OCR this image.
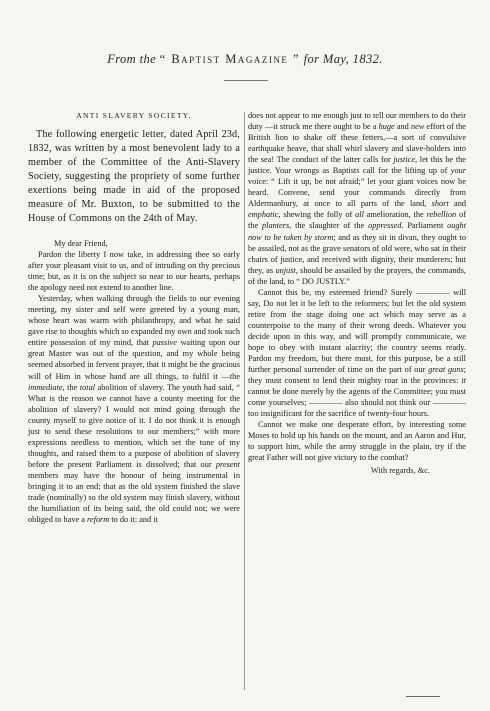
From the “ Baptist Magazine ” for May, 1832.
ANTI SLAVERY SOCIETY.

The following energetic letter, dated April 23d, 1832, was written by a most benevolent lady to a member of the Committee of the Anti-Slavery Society, suggesting the propriety of some further exertions being made in aid of the proposed measure of Mr. Buxton, to be submitted to the House of Commons on the 24th of May.

My dear Friend,

Pardon the liberty I now take, in addressing thee so early after your pleasant visit to us, and of intruding on thy precious time; but, as it is on the subject so near to our hearts, perhaps the apology need not extend to another line.

Yesterday, when walking through the fields to our evening meeting, my sister and self were greeted by a young man, whose heart was warm with philanthropy, and what he said gave rise to thoughts which so expanded my own and took such entire possession of my mind, that passive waiting upon our great Master was out of the question, and my whole being seemed absorbed in fervent prayer, that it might be the gracious will of Him in whose hand are all things, to fulfil it —the immediate, the total abolition of slavery. The youth had said, “ What is the reason we cannot have a county meeting for the abolition of slavery? I would not mind going through the county myself to give notice of it. I do not think it is enough just to send these resolutions to our members;” with more expressions needless to mention, which set the tune of my thoughts, and raised them to a purpose of abolition of slavery before the present Parliament is dissolved; that our present members may have the honour of being instrumental in bringing it to an end; that as the old system finished the slave trade (nominally) so the old system may finish slavery, without the humiliation of its being said, the old could not; we were obliged to have a reform to do it: and it

does not appear to me enough just to tell our members to do their duty —it struck me there ought to be a huge and new effort of the British lion to shake off these fetters,—a sort of convulsive earthquake heave, that shall whirl slavery and slave-holders into the sea! The conduct of the latter calls for justice, let this be the justice. Your wrongs as Baptists call for the lifting up of your voice: “ Lift it up, be not afraid;” let your giant voices now be heard. Convene, send your commands directly from Aldermanbury, at once to all parts of the land, short and emphatic, shewing the folly of all amelioration, the rebellion of the planters, the slaughter of the oppressed. Parliament ought now to be taken by storm; and as they sit in divan, they ought to be assailed, not as the grave senators of old were, who sat in their chairs of justice, and received with dignity, their murderers; but they, as unjust, should be assailed by the prayers, the commands, of the land, to “ DO JUSTLY.”

Cannot this be, my esteemed friend? Surely ———— will say, Do not let it be left to the reformers; but let the old system retire from the stage doing one act which may serve as a counterpoise to the many of their wrong deeds. Whatever you decide upon in this way, and will promptly communicate, we hope to obey with instant alacrity; the country seems ready. Pardon my freedom, but there must, for this purpose, be a still further personal surrender of time on the part of our great guns; they must consent to lend their mighty roar in the provinces: it cannot be done merely by the agents of the Committee; you must come yourselves; ———— also should not think our ———— too insignificant for the sacrifice of twenty-four hours.

Cannot we make one desperate effort, by interesting some Moses to hold up his hands on the mount, and an Aaron and Hur, to support him, while the army struggle in the plain, try if the great Father will not give victory to the combat?

With regards, &c.
